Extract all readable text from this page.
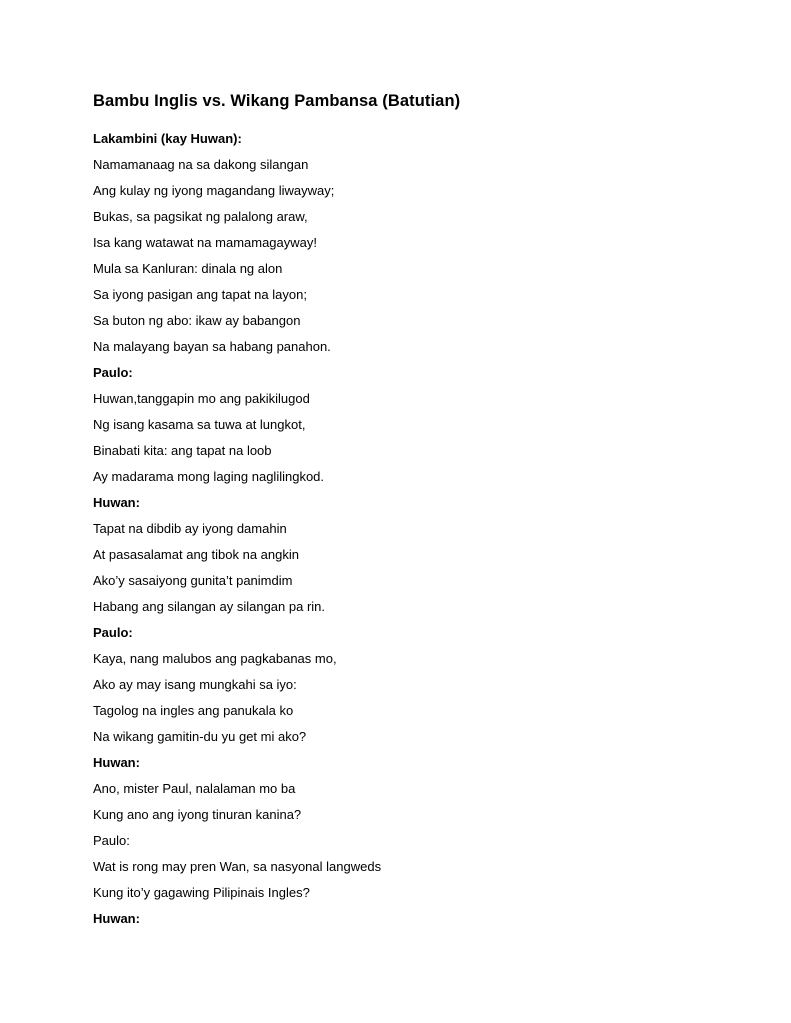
Bambu Inglis vs. Wikang Pambansa (Batutian)
Lakambini (kay Huwan):
Namamanaag na sa dakong silangan
Ang kulay ng iyong magandang liwayway;
Bukas, sa pagsikat ng palalong araw,
Isa kang watawat na mamamagayway!
Mula sa Kanluran: dinala ng alon
Sa iyong pasigan ang tapat na layon;
Sa buton ng abo: ikaw ay babangon
Na malayang bayan sa habang panahon.
Paulo:
Huwan,tanggapin mo ang pakikilugod
Ng isang kasama sa tuwa at lungkot,
Binabati kita: ang tapat na loob
Ay madarama mong laging naglilingkod.
Huwan:
Tapat na dibdib ay iyong damahin
At pasasalamat ang tibok na angkin
Ako’y sasaiyong gunita’t panimdim
Habang ang silangan ay silangan pa rin.
Paulo:
Kaya, nang malubos ang pagkabanas mo,
Ako ay may isang mungkahi sa iyo:
Tagolog na ingles ang panukala ko
Na wikang gamitin-du yu get mi ako?
Huwan:
Ano, mister Paul, nalalaman mo ba
Kung ano ang iyong tinuran kanina?
Paulo:
Wat is rong may pren Wan, sa nasyonal langweds
Kung ito’y gagawing Pilipinais Ingles?
Huwan:
